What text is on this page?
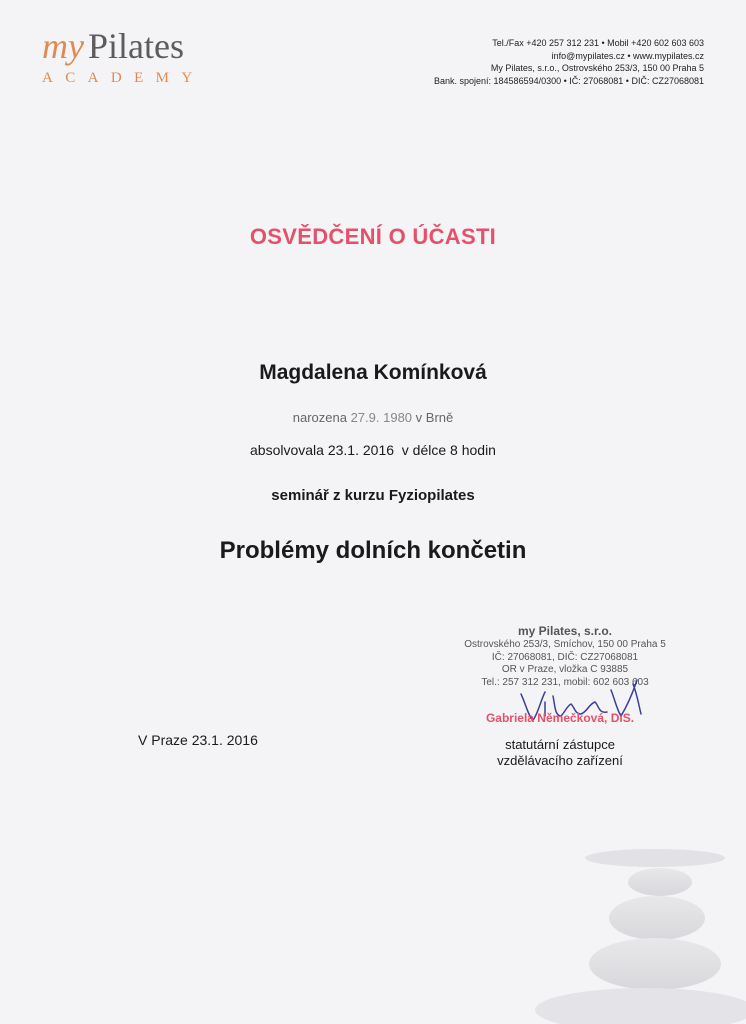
my Pilates
ACADEMY
Tel./Fax +420 257 312 231 • Mobil +420 602 603 603
info@mypilates.cz • www.mypilates.cz
My Pilates, s.r.o., Ostrovského 253/3, 150 00 Praha 5
Bank. spojení: 184586594/0300 • IČ: 27068081 • DIČ: CZ27068081
OSVĚDČENÍ O ÚČASTI
Magdalena Komínková
narozena 27.9. 1980 v Brně
absolvovala 23.1. 2016  v délce 8 hodin
seminář z kurzu Fyziopilates
Problémy dolních končetin
my Pilates, s.r.o.
Ostrovského 253/3, Smíchov, 150 00 Praha 5
IČ: 27068081, DIČ: CZ27068081
OR v Praze, vložka C 93885
Tel.: 257 312 231, mobil: 602 603 603
Gabriela Němečková, DiS.
statutární zástupce
vzdělávacího zařízení
V Praze 23.1. 2016
